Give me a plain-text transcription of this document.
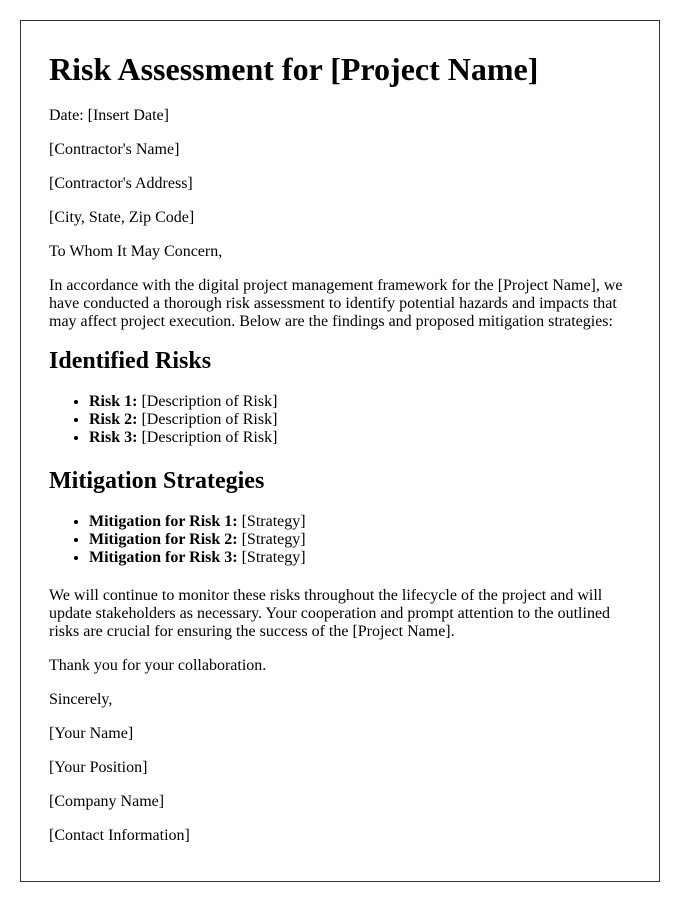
Risk Assessment for [Project Name]

Date: [Insert Date]

[Contractor's Name]

[Contractor's Address]

[City, State, Zip Code]

To Whom It May Concern,

In accordance with the digital project management framework for the [Project Name], we have conducted a thorough risk assessment to identify potential hazards and impacts that may affect project execution. Below are the findings and proposed mitigation strategies:

Identified Risks
• Risk 1: [Description of Risk]
• Risk 2: [Description of Risk]
• Risk 3: [Description of Risk]
Mitigation Strategies
• Mitigation for Risk 1: [Strategy]
• Mitigation for Risk 2: [Strategy]
• Mitigation for Risk 3: [Strategy]

We will continue to monitor these risks throughout the lifecycle of the project and will update stakeholders as necessary. Your cooperation and prompt attention to the outlined risks are crucial for ensuring the success of the [Project Name].

Thank you for your collaboration.

Sincerely,

[Your Name]

[Your Position]

[Company Name]

[Contact Information]
